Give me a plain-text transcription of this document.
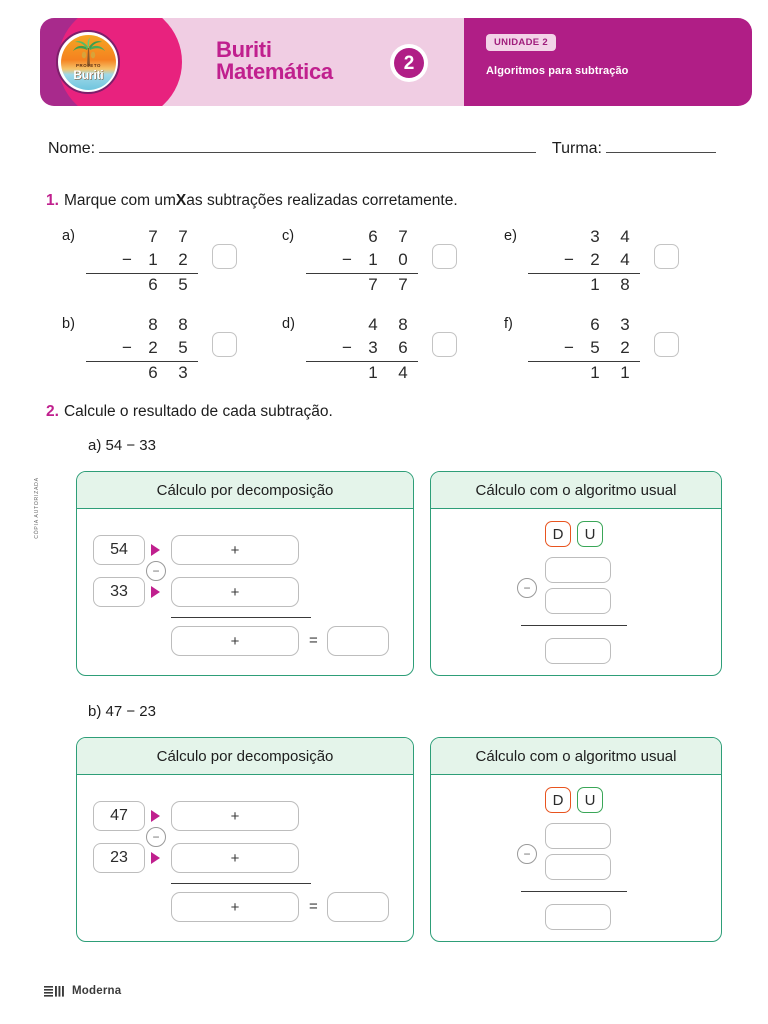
PROJETO
Buriti
Buriti
Matemática	2
UNIDADE 2
Algoritmos para subtração
Nome:	Turma:
CÓPIA AUTORIZADA
1. Marque com um X as subtrações realizadas corretamente.
a)	7	7
− 1	2
6	5
c)	6	7
− 1	0
7	7
e)	3	4
− 2	4
1	8
b)	8	8
− 2	5
6	3
d)	4	8
− 3	6
1	4
f)	6	3
− 5	2
1	1
2. Calcule o resultado de cada subtração.
a) 54 − 33
Cálculo por decomposição
54
33
−
+
+
+	=
Cálculo com o algoritmo usual
D	U
−
b) 47 − 23
Cálculo por decomposição
47
23
−
+
+
+	=
Cálculo com o algoritmo usual
D	U
−
Moderna
